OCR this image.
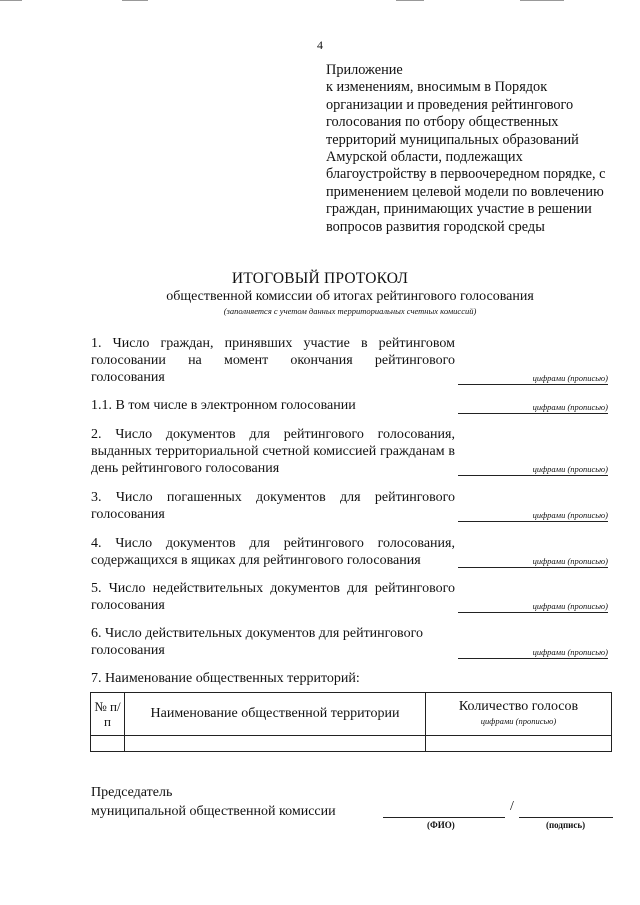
4
Приложение

к изменениям, вносимым в Порядок организации и проведения рейтингового голосования по отбору общественных территорий муниципальных образований Амурской области, подлежащих благоустройству в первоочередном порядке, с применением целевой модели по вовлечению граждан, принимающих участие в решении вопросов развития городской среды

ИТОГОВЫЙ ПРОТОКОЛ
общественной комиссии об итогах рейтингового голосования
(заполняется с учетом данных территориальных счетных комиссий)
1. Число граждан, принявших участие в рейтинговом голосовании на момент окончания рейтингового голосования	цифрами (прописью)
1.1. В том числе в электронном голосовании	цифрами (прописью)
2. Число документов для рейтингового голосования, выданных территориальной счетной комиссией гражданам в день рейтингового голосования	цифрами (прописью)
3. Число погашенных документов для рейтингового голосования	цифрами (прописью)
4. Число документов для рейтингового голосования, содержащихся в ящиках для рейтингового голосования	цифрами (прописью)
5. Число недействительных документов для рейтингового голосования	цифрами (прописью)
6. Число действительных документов для рейтингового голосования	цифрами (прописью)
7. Наименование общественных территорий:
№ п/п	Наименование общественной территории	Количество голосов
цифрами (прописью)

Председатель
муниципальной общественной комиссии	/
(ФИО)	(подпись)
